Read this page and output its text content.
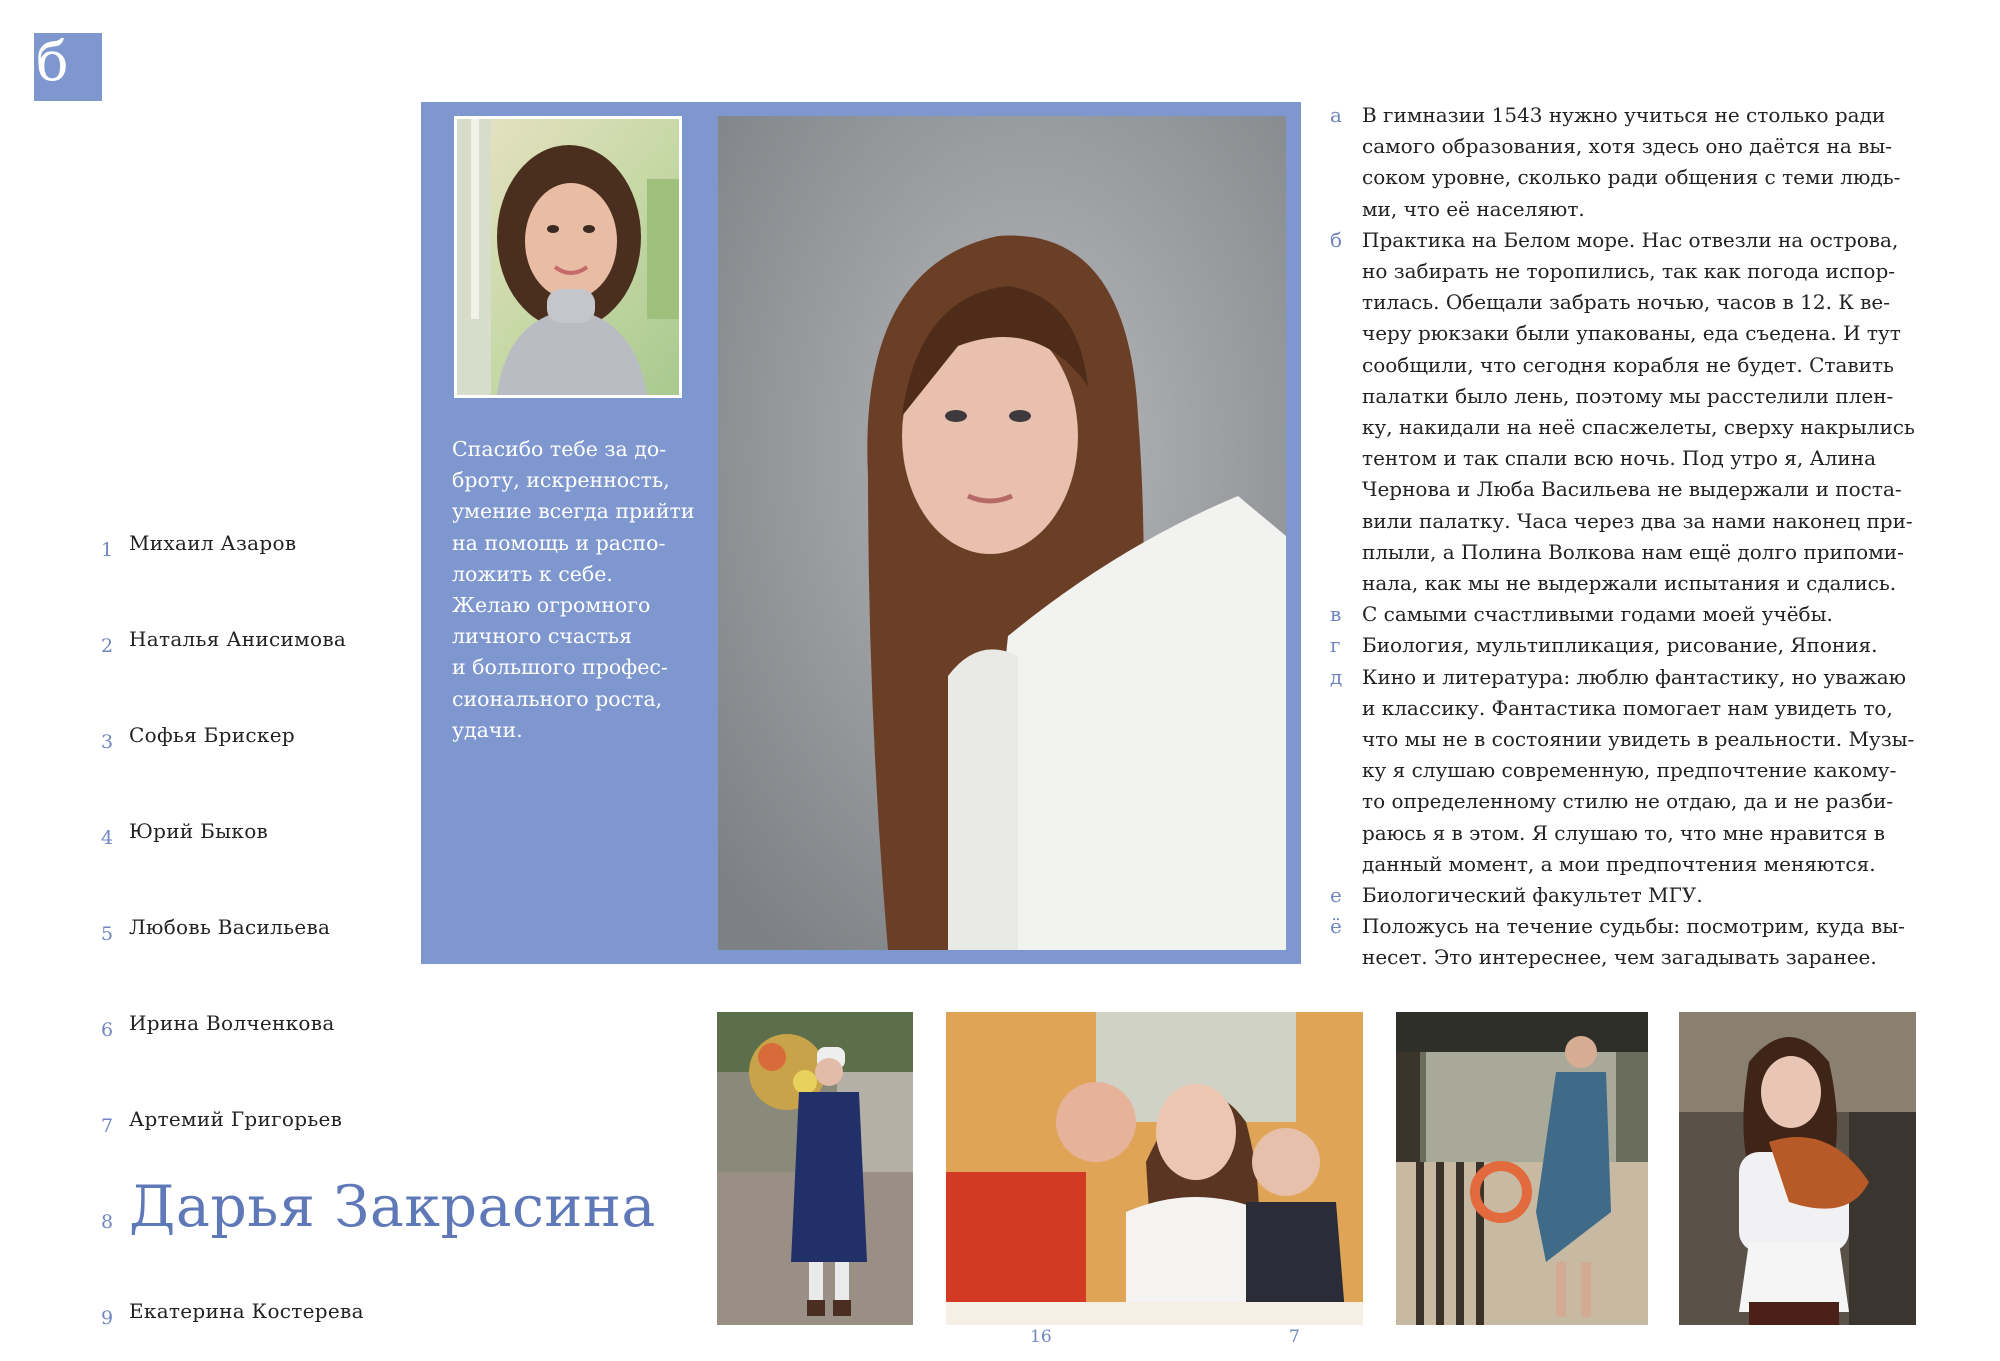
б
1 Михаил Азаров
2 Наталья Анисимова
3 Софья Брискер
4 Юрий Быков
5 Любовь Васильева
6 Ирина Волченкова
7 Артемий Григорьев
8 Дарья Закрасина
9 Екатерина Костерева
Спасибо тебе за до-
броту, искренность,
умение всегда прийти
на помощь и распо-
ложить к себе.
Желаю огромного
личного счастья
и большого профес-
сионального роста,
удачи.
а	В гимназии 1543 нужно учиться не столько ради
самого образования, хотя здесь оно даётся на вы-
соком уровне, сколько ради общения с теми людь-
ми, что её населяют.
б Практика на Белом море. Нас отвезли на острова,
но забирать не торопились, так как погода испор-
тилась. Обещали забрать ночью, часов в 12. К ве-
черу рюкзаки были упакованы, еда съедена. И тут
сообщили, что сегодня корабля не будет. Ставить
палатки было лень, поэтому мы расстелили плен-
ку, накидали на неё спасжелеты, сверху накрылись
тентом и так спали всю ночь. Под утро я, Алина
Чернова и Люба Васильева не выдержали и поста-
вили палатку. Часа через два за нами наконец при-
плыли, а Полина Волкова нам ещё долго припоми-
нала, как мы не выдержали испытания и сдались.
в	С самыми счастливыми годами моей учёбы.
г	Биология, мультипликация, рисование, Япония.
д Кино и литература: люблю фантастику, но уважаю
и классику. Фантастика помогает нам увидеть то,
что мы не в состоянии увидеть в реальности. Музы-
ку я слушаю современную, предпочтение какому-
то определенному стилю не отдаю, да и не разби-
раюсь я в этом. Я слушаю то, что мне нравится в
данный момент, а мои предпочтения меняются.
е	Биологический факультет МГУ.
ё	Положусь на течение судьбы: посмотрим, куда вы-
несет. Это интереснее, чем загадывать заранее.
16	7
